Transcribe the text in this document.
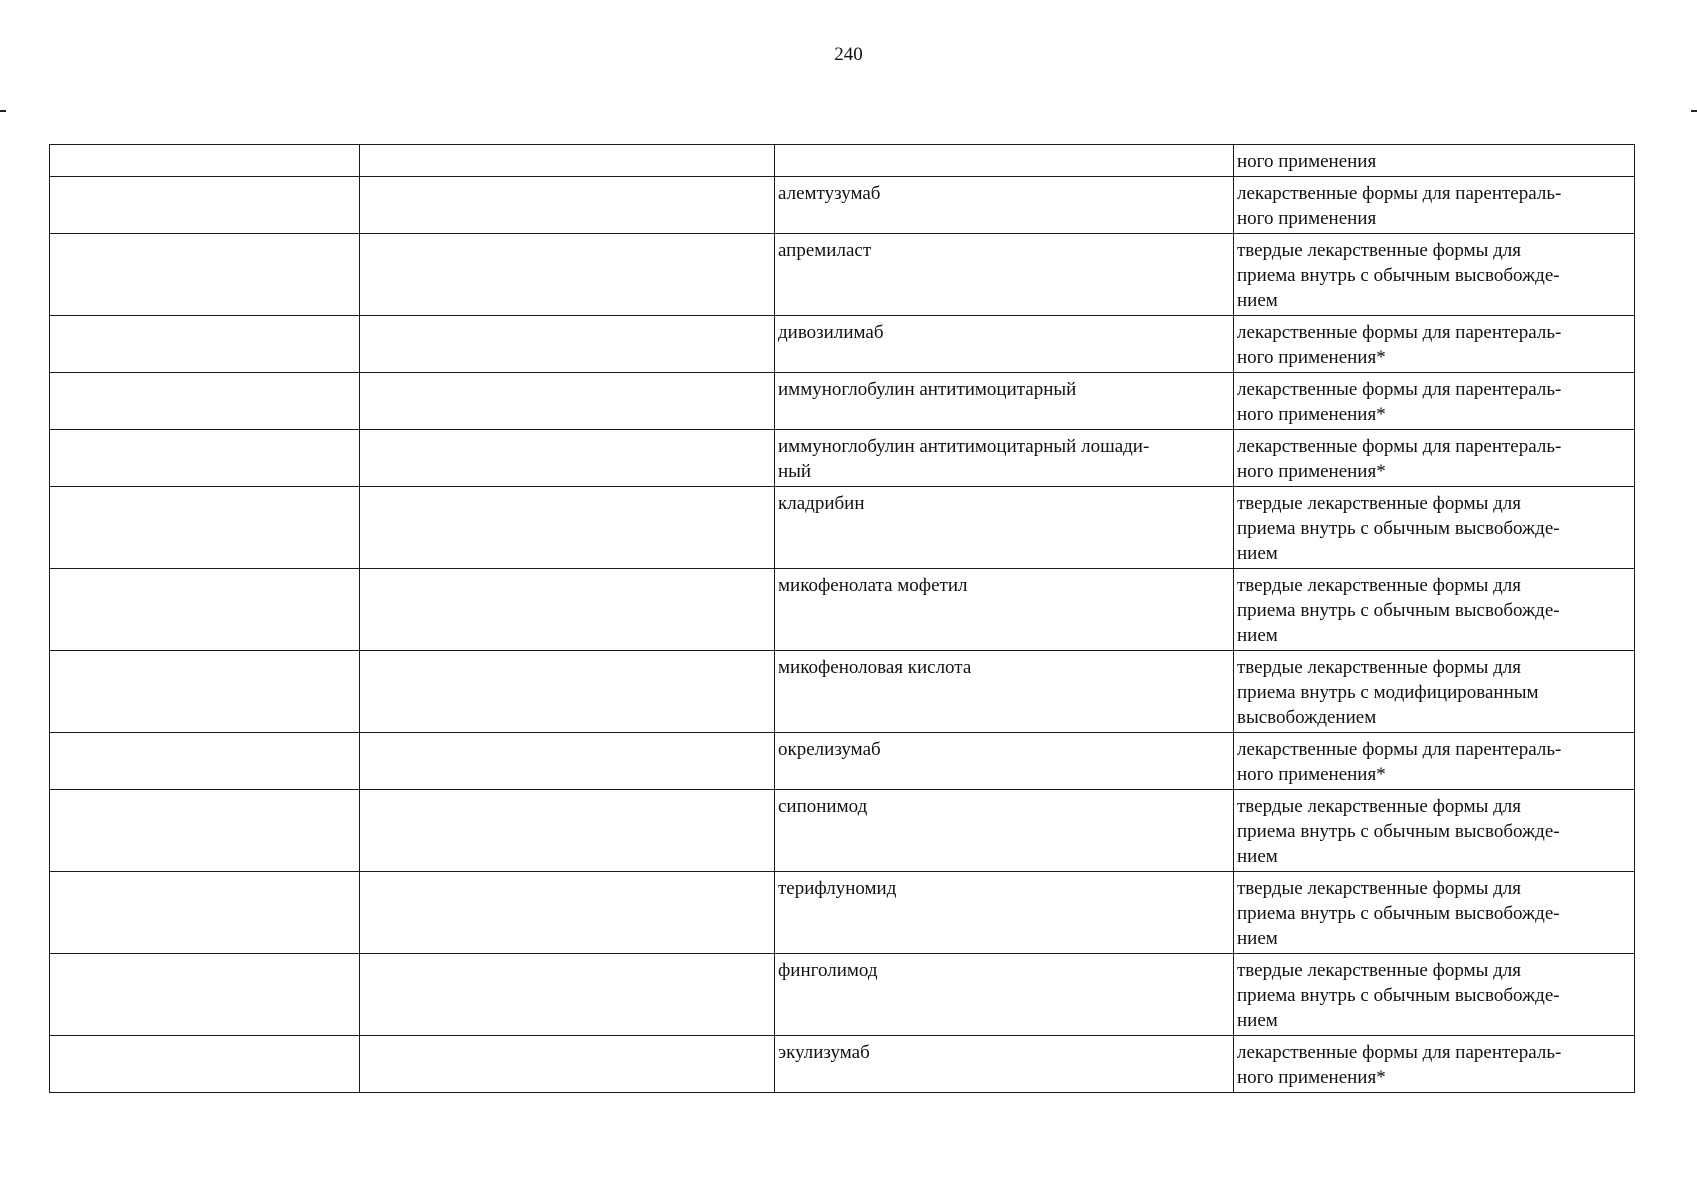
240
			ного применения
		алемтузумаб	лекарственные формы для парентераль-
ного применения
		апремиласт	твердые лекарственные формы для
приема внутрь с обычным высвобожде-
нием
		дивозилимаб	лекарственные формы для парентераль-
ного применения*
		иммуноглобулин антитимоцитарный	лекарственные формы для парентераль-
ного применения*
		иммуноглобулин антитимоцитарный лошади-
ный	лекарственные формы для парентераль-
ного применения*
		кладрибин	твердые лекарственные формы для
приема внутрь с обычным высвобожде-
нием
		микофенолата мофетил	твердые лекарственные формы для
приема внутрь с обычным высвобожде-
нием
		микофеноловая кислота	твердые лекарственные формы для
приема внутрь с модифицированным
высвобождением
		окрелизумаб	лекарственные формы для парентераль-
ного применения*
		сипонимод	твердые лекарственные формы для
приема внутрь с обычным высвобожде-
нием
		терифлуномид	твердые лекарственные формы для
приема внутрь с обычным высвобожде-
нием
		финголимод	твердые лекарственные формы для
приема внутрь с обычным высвобожде-
нием
		экулизумаб	лекарственные формы для парентераль-
ного применения*
